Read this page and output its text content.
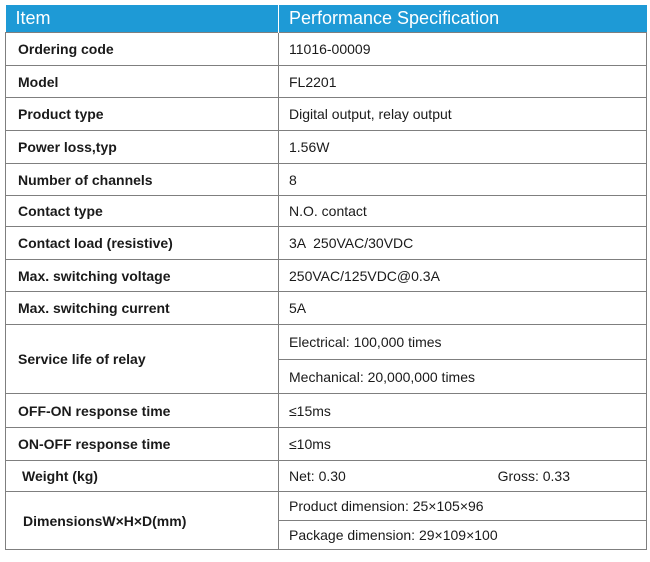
Item	Performance Specification
Ordering code	11016-00009
Model	FL2201
Product type	Digital output, relay output
Power loss,typ	1.56W
Number of channels	8
Contact type	N.O. contact
Contact load (resistive)	3A  250VAC/30VDC
Max. switching voltage	250VAC/125VDC@0.3A
Max. switching current	5A
Service life of relay	Electrical: 100,000 times
	Mechanical: 20,000,000 times
OFF-ON response time	≤15ms
ON-OFF response time	≤10ms
Weight (kg)	Net: 0.30 Gross: 0.33

DimensionsW×H×D(mm)	Product dimension: 25×105×96
	Package dimension: 29×109×100
